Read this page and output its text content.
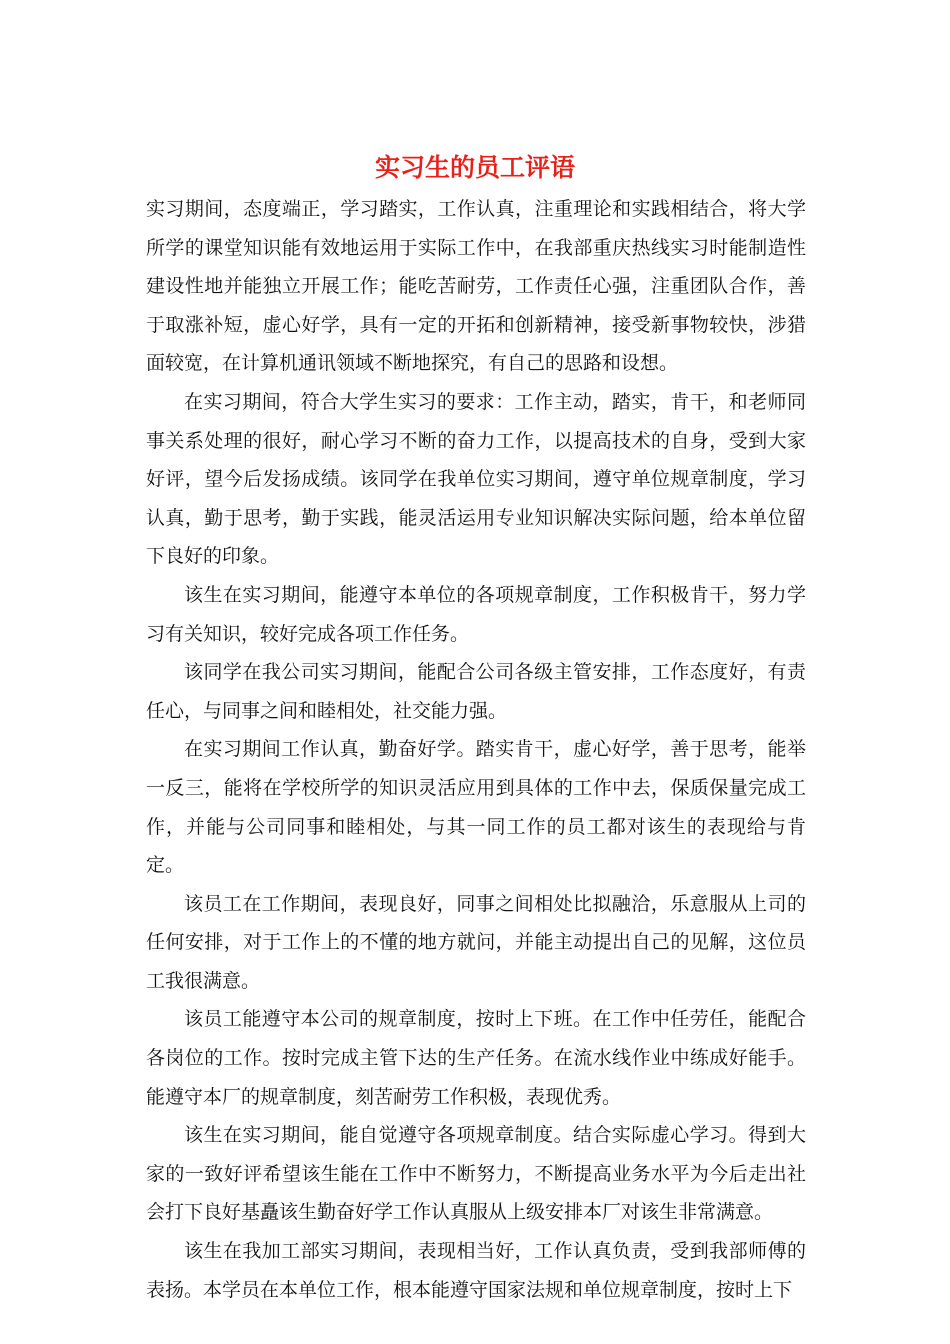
实习生的员工评语

实习期间，态度端正，学习踏实，工作认真，注重理论和实践相结合，将大学所学的课堂知识能有效地运用于实际工作中，在我部重庆热线实习时能制造性建设性地并能独立开展工作；能吃苦耐劳，工作责任心强，注重团队合作，善于取涨补短，虚心好学，具有一定的开拓和创新精神，接受新事物较快，涉猎面较宽，在计算机通讯领域不断地探究，有自己的思路和设想。

在实习期间，符合大学生实习的要求：工作主动，踏实，肯干，和老师同事关系处理的很好，耐心学习不断的奋力工作，以提高技术的自身，受到大家好评，望今后发扬成绩。该同学在我单位实习期间，遵守单位规章制度，学习认真，勤于思考，勤于实践，能灵活运用专业知识解决实际问题，给本单位留下良好的印象。

该生在实习期间，能遵守本单位的各项规章制度，工作积极肯干，努力学习有关知识，较好完成各项工作任务。

该同学在我公司实习期间，能配合公司各级主管安排，工作态度好，有责任心，与同事之间和睦相处，社交能力强。

在实习期间工作认真，勤奋好学。踏实肯干，虚心好学，善于思考，能举一反三，能将在学校所学的知识灵活应用到具体的工作中去，保质保量完成工作，并能与公司同事和睦相处，与其一同工作的员工都对该生的表现给与肯定。

该员工在工作期间，表现良好，同事之间相处比拟融洽，乐意服从上司的任何安排，对于工作上的不懂的地方就问，并能主动提出自己的见解，这位员工我很满意。

该员工能遵守本公司的规章制度，按时上下班。在工作中任劳任，能配合各岗位的工作。按时完成主管下达的生产任务。在流水线作业中练成好能手。能遵守本厂的规章制度，刻苦耐劳工作积极，表现优秀。

该生在实习期间，能自觉遵守各项规章制度。结合实际虚心学习。得到大家的一致好评希望该生能在工作中不断努力，不断提高业务水平为今后走出社会打下良好基矗该生勤奋好学工作认真服从上级安排本厂对该生非常满意。

该生在我加工部实习期间，表现相当好，工作认真负责，受到我部师傅的表扬。本学员在本单位工作，根本能遵守国家法规和单位规章制度，按时上下
